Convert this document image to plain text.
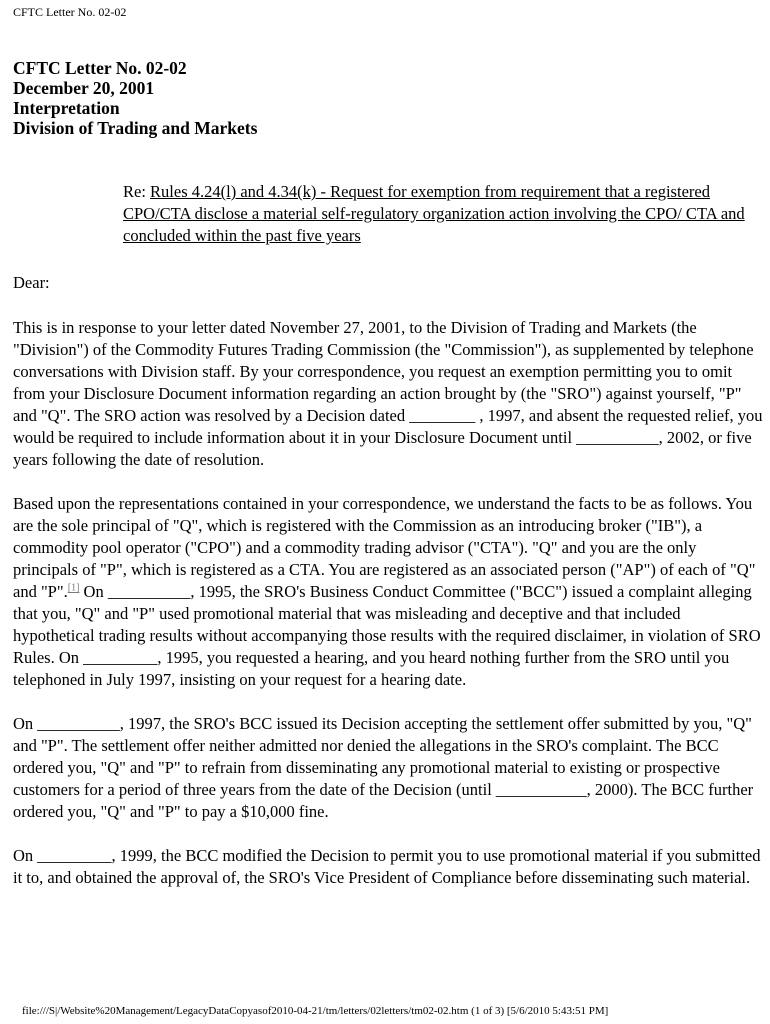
CFTC Letter No. 02-02
CFTC Letter No. 02-02
December 20, 2001
Interpretation
Division of Trading and Markets
Re: Rules 4.24(l) and 4.34(k) - Request for exemption from requirement that a registered CPO/CTA disclose a material self-regulatory organization action involving the CPO/ CTA and concluded within the past five years

Dear:

This is in response to your letter dated November 27, 2001, to the Division of Trading and Markets (the "Division") of the Commodity Futures Trading Commission (the "Commission"), as supplemented by telephone conversations with Division staff. By your correspondence, you request an exemption permitting you to omit from your Disclosure Document information regarding an action brought by (the "SRO") against yourself, "P" and "Q". The SRO action was resolved by a Decision dated ________ , 1997, and absent the requested relief, you would be required to include information about it in your Disclosure Document until __________, 2002, or five years following the date of resolution.

Based upon the representations contained in your correspondence, we understand the facts to be as follows. You are the sole principal of "Q", which is registered with the Commission as an introducing broker ("IB"), a commodity pool operator ("CPO") and a commodity trading advisor ("CTA"). "Q" and you are the only principals of "P", which is registered as a CTA. You are registered as an associated person ("AP") of each of "Q" and "P".[1] On __________, 1995, the SRO's Business Conduct Committee ("BCC") issued a complaint alleging that you, "Q" and "P" used promotional material that was misleading and deceptive and that included hypothetical trading results without accompanying those results with the required disclaimer, in violation of SRO Rules. On _________, 1995, you requested a hearing, and you heard nothing further from the SRO until you telephoned in July 1997, insisting on your request for a hearing date.

On __________, 1997, the SRO's BCC issued its Decision accepting the settlement offer submitted by you, "Q" and "P". The settlement offer neither admitted nor denied the allegations in the SRO's complaint. The BCC ordered you, "Q" and "P" to refrain from disseminating any promotional material to existing or prospective customers for a period of three years from the date of the Decision (until ___________, 2000). The BCC further ordered you, "Q" and "P" to pay a $10,000 fine.

On _________, 1999, the BCC modified the Decision to permit you to use promotional material if you submitted it to, and obtained the approval of, the SRO's Vice President of Compliance before disseminating such material.

file:///S|/Website%20Management/LegacyDataCopyasof2010-04-21/tm/letters/02letters/tm02-02.htm (1 of 3) [5/6/2010 5:43:51 PM]
